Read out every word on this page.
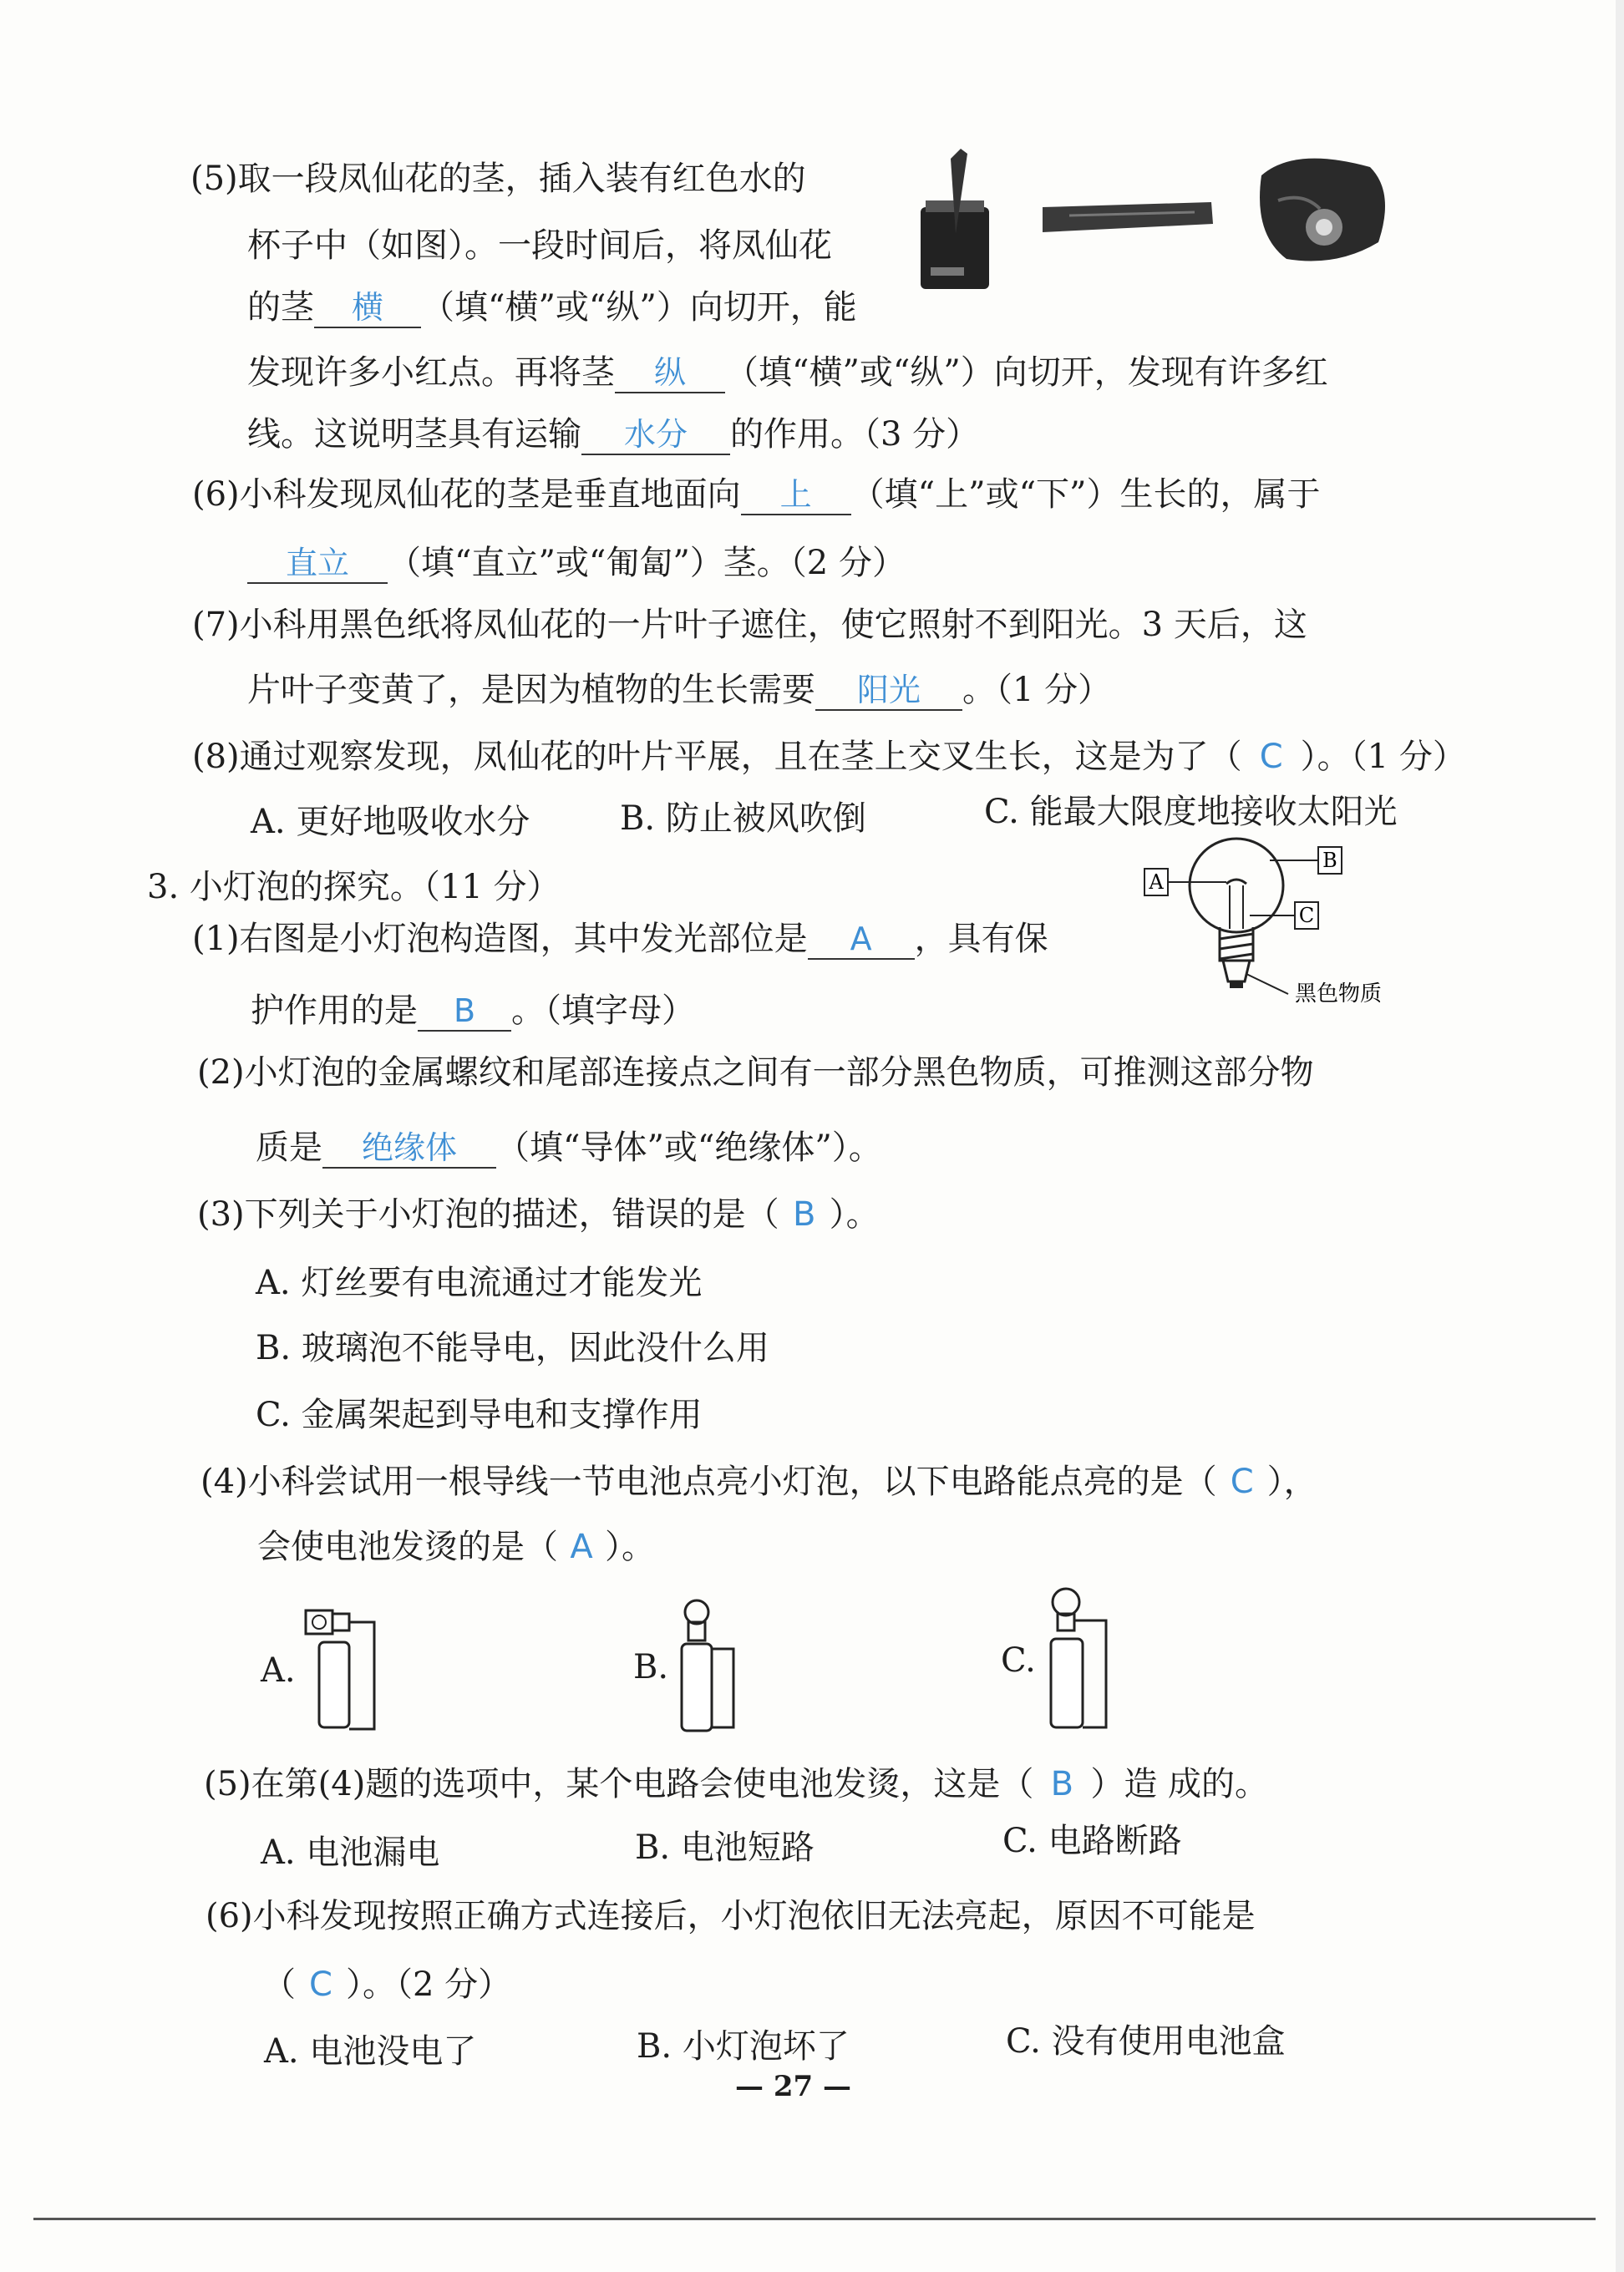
(5)取一段凤仙花的茎，插入装有红色水的
杯子中（如图）。一段时间后，将凤仙花
的茎 横 （填“横”或“纵”）向切开，能
发现许多小红点。再将茎 纵 （填“横”或“纵”）向切开，发现有许多红
线。这说明茎具有运输 水分 的作用。（3 分）
(6)小科发现凤仙花的茎是垂直地面向 上 （填“上”或“下”）生长的，属于
直立 （填“直立”或“匍匐”）茎。（2 分）
(7)小科用黑色纸将凤仙花的一片叶子遮住，使它照射不到阳光。3 天后，这
片叶子变黄了，是因为植物的生长需要 阳光 。（1 分）
(8)通过观察发现，凤仙花的叶片平展，且在茎上交叉生长，这是为了（ C ）。（1 分）
A. 更好地吸收水分	B. 防止被风吹倒	C. 能最大限度地接收太阳光
3. 小灯泡的探究。（11 分）	A
B
C
黑色物质
(1)右图是小灯泡构造图，其中发光部位是 A ，具有保
护作用的是 B 。（填字母）
(2)小灯泡的金属螺纹和尾部连接点之间有一部分黑色物质，可推测这部分物
质是 绝缘体 （填“导体”或“绝缘体”）。
(3)下列关于小灯泡的描述，错误的是（ B ）。
A. 灯丝要有电流通过才能发光
B. 玻璃泡不能导电，因此没什么用
C. 金属架起到导电和支撑作用
(4)小科尝试用一根导线一节电池点亮小灯泡，以下电路能点亮的是（ C ），
会使电池发烫的是（ A ）。
A.	B.	C.
(5)在第(4)题的选项中，某个电路会使电池发烫，这是（ B ）造 成的。
A. 电池漏电	B. 电池短路	C. 电路断路
(6)小科发现按照正确方式连接后，小灯泡依旧无法亮起，原因不可能是
（ C ）。（2 分）
A. 电池没电了	B. 小灯泡坏了	C. 没有使用电池盒
— 27 —
